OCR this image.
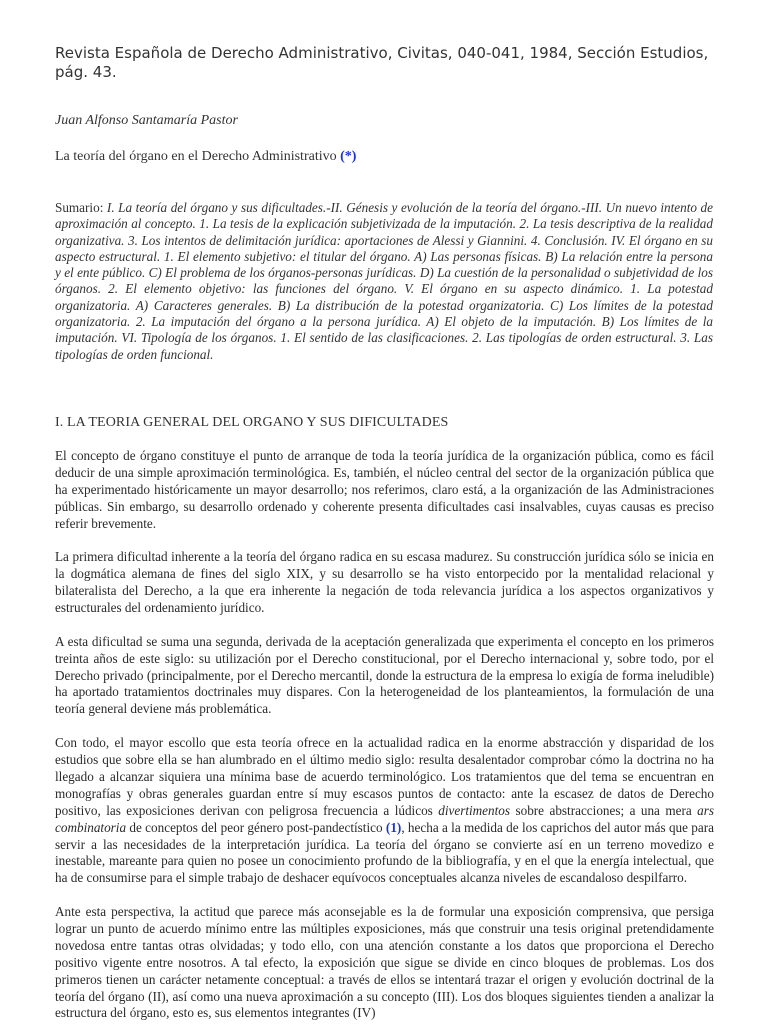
Revista Española de Derecho Administrativo, Civitas, 040-041, 1984, Sección Estudios, pág. 43.
Juan Alfonso Santamaría Pastor
La teoría del órgano en el Derecho Administrativo (*)
Sumario: I. La teoría del órgano y sus dificultades.-II. Génesis y evolución de la teoría del órgano.-III. Un nuevo intento de aproximación al concepto. 1. La tesis de la explicación subjetivizada de la imputación. 2. La tesis descriptiva de la realidad organizativa. 3. Los intentos de delimitación jurídica: aportaciones de Alessi y Giannini. 4. Conclusión. IV. El órgano en su aspecto estructural. 1. El elemento subjetivo: el titular del órgano. A) Las personas físicas. B) La relación entre la persona y el ente público. C) El problema de los órganos-personas jurídicas. D) La cuestión de la personalidad o subjetividad de los órganos. 2. El elemento objetivo: las funciones del órgano. V. El órgano en su aspecto dinámico. 1. La potestad organizatoria. A) Caracteres generales. B) La distribución de la potestad organizatoria. C) Los límites de la potestad organizatoria. 2. La imputación del órgano a la persona jurídica. A) El objeto de la imputación. B) Los límites de la imputación. VI. Tipología de los órganos. 1. El sentido de las clasificaciones. 2. Las tipologías de orden estructural. 3. Las tipologías de orden funcional.
I. LA TEORIA GENERAL DEL ORGANO Y SUS DIFICULTADES

El concepto de órgano constituye el punto de arranque de toda la teoría jurídica de la organización pública, como es fácil deducir de una simple aproximación terminológica. Es, también, el núcleo central del sector de la organización pública que ha experimentado históricamente un mayor desarrollo; nos referimos, claro está, a la organización de las Administraciones públicas. Sin embargo, su desarrollo ordenado y coherente presenta dificultades casi insalvables, cuyas causas es preciso referir brevemente.

La primera dificultad inherente a la teoría del órgano radica en su escasa madurez. Su construcción jurídica sólo se inicia en la dogmática alemana de fines del siglo XIX, y su desarrollo se ha visto entorpecido por la mentalidad relacional y bilateralista del Derecho, a la que era inherente la negación de toda relevancia jurídica a los aspectos organizativos y estructurales del ordenamiento jurídico.

A esta dificultad se suma una segunda, derivada de la aceptación generalizada que experimenta el concepto en los primeros treinta años de este siglo: su utilización por el Derecho constitucional, por el Derecho internacional y, sobre todo, por el Derecho privado (principalmente, por el Derecho mercantil, donde la estructura de la empresa lo exigía de forma ineludible) ha aportado tratamientos doctrinales muy dispares. Con la heterogeneidad de los planteamientos, la formulación de una teoría general deviene más problemática.

Con todo, el mayor escollo que esta teoría ofrece en la actualidad radica en la enorme abstracción y disparidad de los estudios que sobre ella se han alumbrado en el último medio siglo: resulta desalentador comprobar cómo la doctrina no ha llegado a alcanzar siquiera una mínima base de acuerdo terminológico. Los tratamientos que del tema se encuentran en monografías y obras generales guardan entre sí muy escasos puntos de contacto: ante la escasez de datos de Derecho positivo, las exposiciones derivan con peligrosa frecuencia a lúdicos divertimentos sobre abstracciones; a una mera ars combinatoria de conceptos del peor género post-pandectístico (1), hecha a la medida de los caprichos del autor más que para servir a las necesidades de la interpretación jurídica. La teoría del órgano se convierte así en un terreno movedizo e inestable, mareante para quien no posee un conocimiento profundo de la bibliografía, y en el que la energía intelectual, que ha de consumirse para el simple trabajo de deshacer equívocos conceptuales alcanza niveles de escandaloso despilfarro.

Ante esta perspectiva, la actitud que parece más aconsejable es la de formular una exposición comprensiva, que persiga lograr un punto de acuerdo mínimo entre las múltiples exposiciones, más que construir una tesis original pretendidamente novedosa entre tantas otras olvidadas; y todo ello, con una atención constante a los datos que proporciona el Derecho positivo vigente entre nosotros. A tal efecto, la exposición que sigue se divide en cinco bloques de problemas. Los dos primeros tienen un carácter netamente conceptual: a través de ellos se intentará trazar el origen y evolución doctrinal de la teoría del órgano (II), así como una nueva aproximación a su concepto (III). Los dos bloques siguientes tienden a analizar la estructura del órgano, esto es, sus elementos integrantes (IV)
